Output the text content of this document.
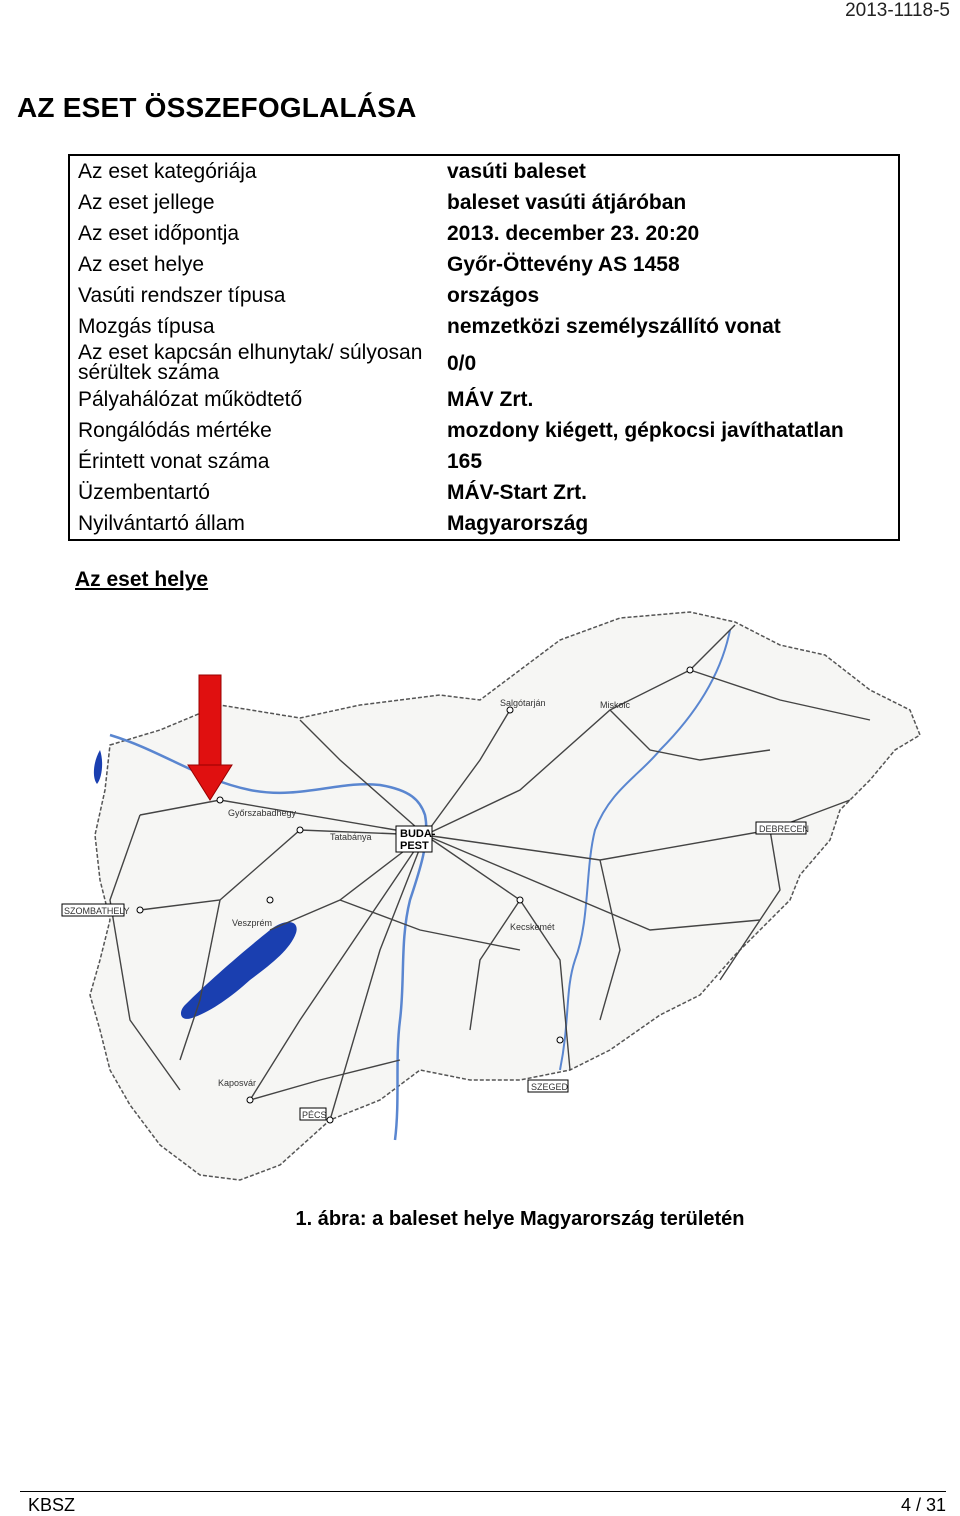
2013-1118-5
AZ ESET ÖSSZEFOGLALÁSA
Az eset kategóriája	vasúti baleset
Az eset jellege	baleset vasúti átjáróban
Az eset időpontja	2013. december 23. 20:20
Az eset helye	Győr-Öttevény AS 1458
Vasúti rendszer típusa	országos
Mozgás típusa	nemzetközi személyszállító vonat
Az eset kapcsán elhunytak/ súlyosan sérültek száma	0/0
Pályahálózat működtető	MÁV Zrt.
Rongálódás mértéke	mozdony kiégett, gépkocsi javíthatatlan
Érintett vonat száma	165
Üzembentartó	MÁV-Start Zrt.
Nyilvántartó állam	Magyarország
Az eset helye
BUDA-	DEBRECEN
SZEGED
PÉCS
SZOMBATHELY
Miskolc
Salgótarján
Veszprém
Kaposvár
Kecskemét
Győrszabadhegy
Tatabánya
PEST
1. ábra: a baleset helye Magyarország területén
KBSZ	4 / 31
